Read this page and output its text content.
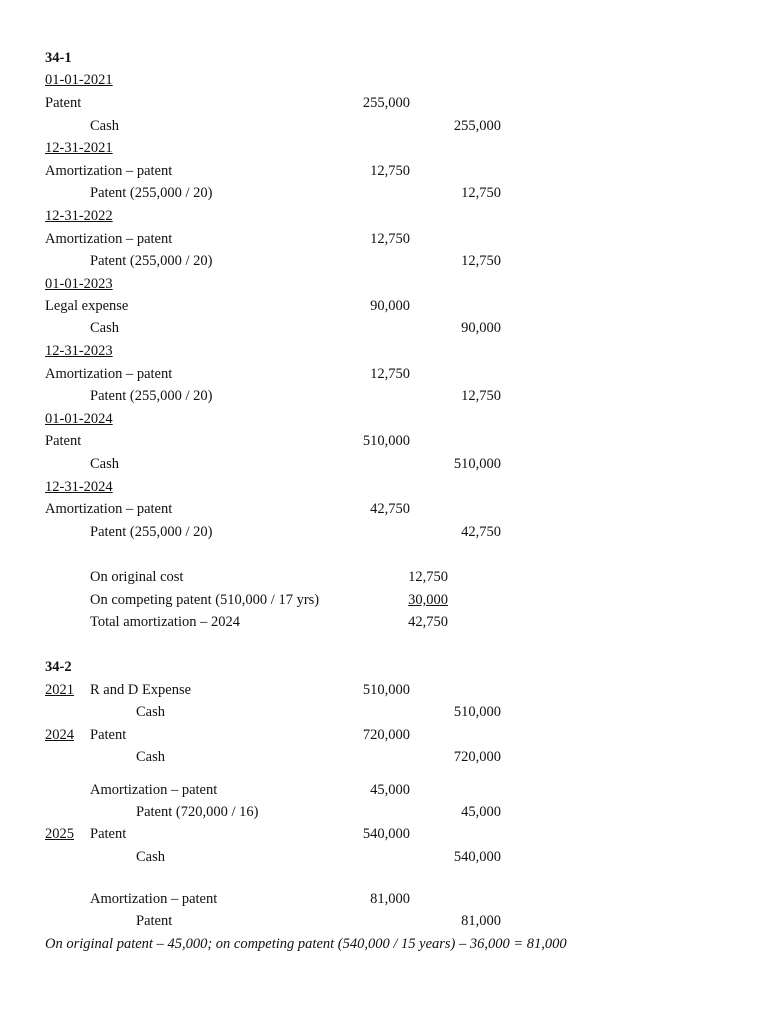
34-1
01-01-2021
Patent	255,000
Cash	255,000
12-31-2021
Amortization – patent	12,750
Patent (255,000 / 20)	12,750
12-31-2022
Amortization – patent	12,750
Patent (255,000 / 20)	12,750
01-01-2023
Legal expense	90,000
Cash	90,000
12-31-2023
Amortization – patent	12,750
Patent (255,000 / 20)	12,750
01-01-2024
Patent	510,000
Cash	510,000
12-31-2024
Amortization – patent	42,750
Patent (255,000 / 20)	42,750
On original cost	12,750
On competing patent (510,000 / 17 yrs)	30,000
Total amortization – 2024	42,750
34-2
2021 R and D Expense	510,000
Cash	510,000
2024 Patent	720,000
Cash	720,000
Amortization – patent	45,000
Patent (720,000 / 16)	45,000
2025 Patent	540,000
Cash	540,000
Amortization – patent	81,000
Patent	81,000
On original patent – 45,000; on competing patent (540,000 / 15 years) – 36,000 = 81,000
